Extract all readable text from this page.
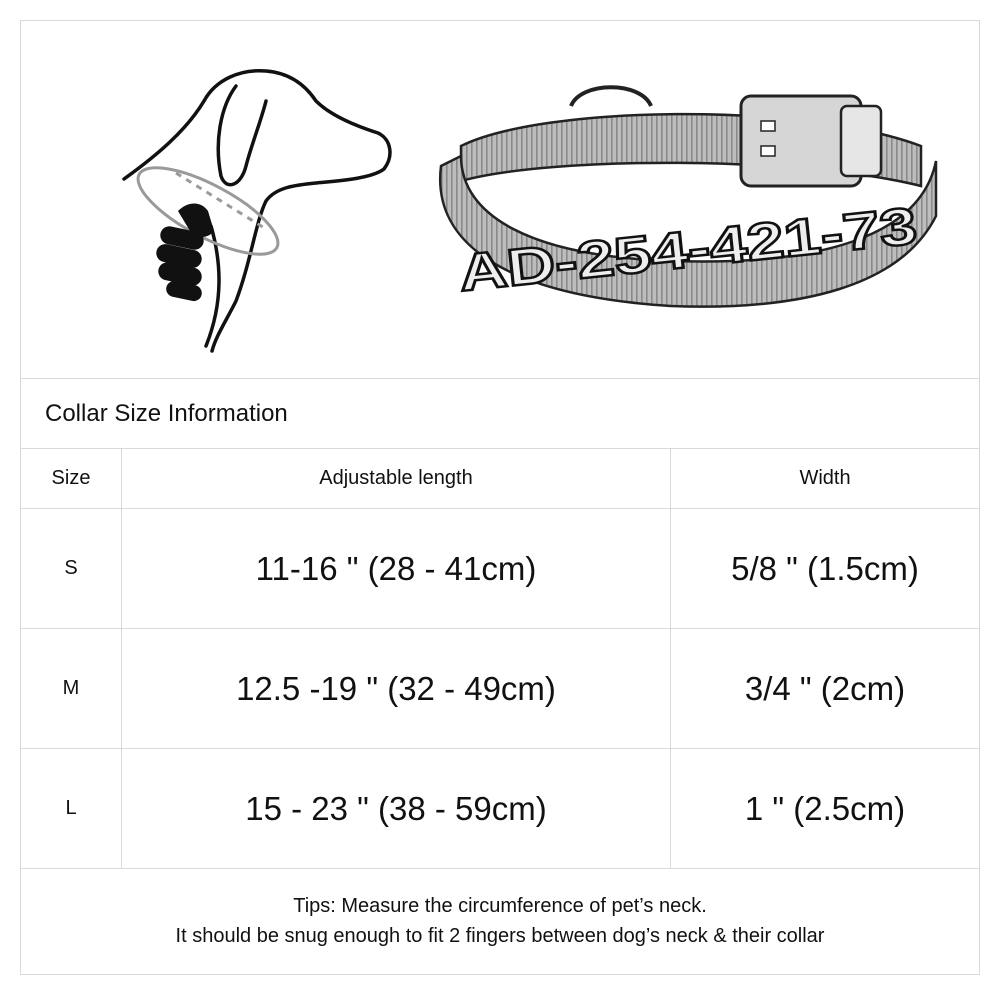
AD-254-421-73
Collar Size Information
Size	Adjustable length	Width
S	11-16 " (28 - 41cm)	5/8 " (1.5cm)
M	12.5 -19 " (32 - 49cm)	3/4 " (2cm)
L	15 - 23 " (38 - 59cm)	1 " (2.5cm)
Tips: Measure the circumference of pet’s neck.
It should be snug enough to fit 2 fingers between dog’s neck & their collar
